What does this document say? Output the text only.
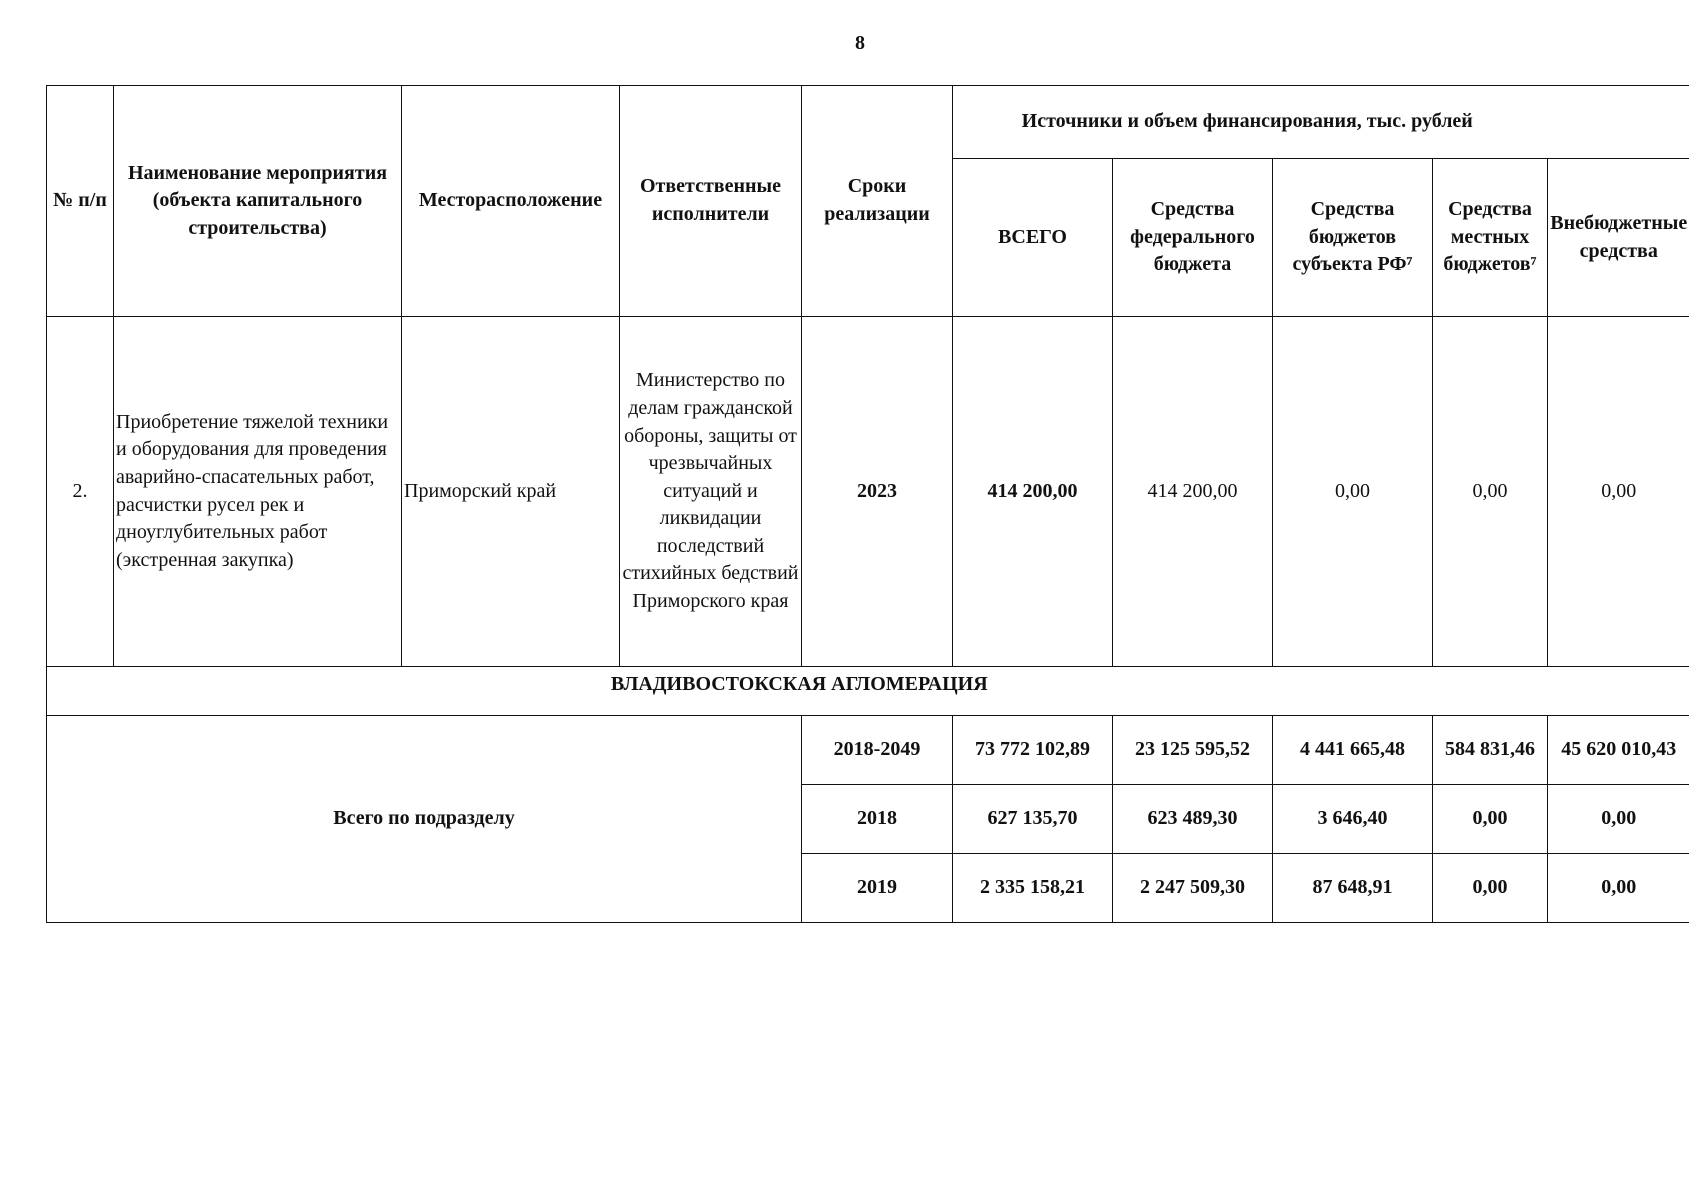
8
№ п/п	Наименование мероприятия (объекта капитального строительства)	Месторасположение	Ответственные исполнители	Сроки реализации	Источники и объем финансирования, тыс. рублей				
					ВСЕГО	Средства федерального бюджета	Средства бюджетов субъекта РФ⁷	Средства местных бюджетов⁷	Внебюджетные средства
2.	Приобретение тяжелой техники и оборудования для проведения аварийно-спасательных работ, расчистки русел рек и дноуглубительных работ (экстренная закупка)	Приморский край	Министерство по делам гражданской обороны, защиты от чрезвычайных ситуаций и ликвидации последствий стихийных бедствий Приморского края	2023	414 200,00	414 200,00	0,00	0,00	0,00
ВЛАДИВОСТОКСКАЯ АГЛОМЕРАЦИЯ									
Всего по подразделу				2018-2049	73 772 102,89	23 125 595,52	4 441 665,48	584 831,46	45 620 010,43
				2018	627 135,70	623 489,30	3 646,40	0,00	0,00
				2019	2 335 158,21	2 247 509,30	87 648,91	0,00	0,00
